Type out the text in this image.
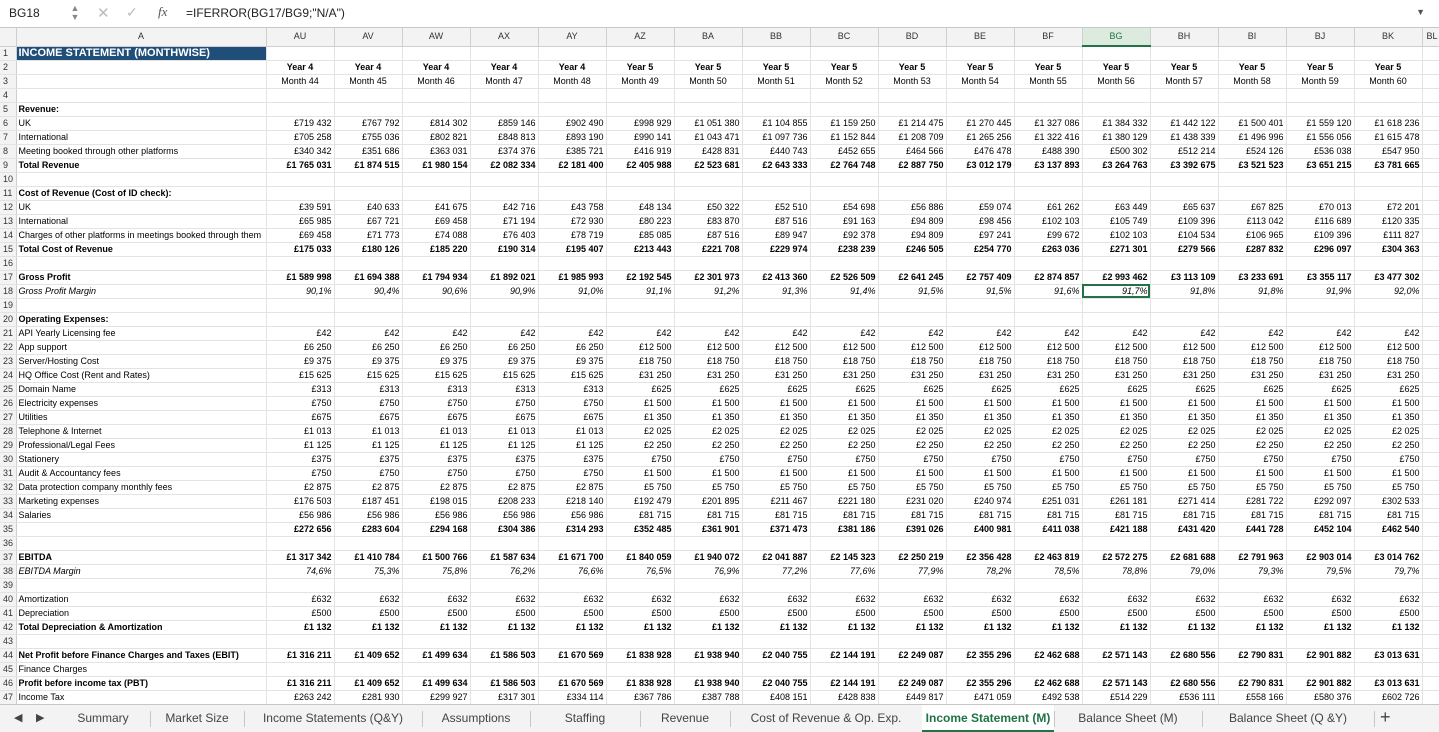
BG18	▲
▼ ✕ ✓ fx =IFERROR(BG17/BG9;"N/A")	▼
	A	AU	AV	AW	AX	AY	AZ	BA	BB	BC	BD	BE	BF	BG	BH	BI	BJ	BK	BL	
1	INCOME STATEMENT (MONTHWISE)																			
2		Year 4	Year 4	Year 4	Year 4	Year 4	Year 5	Year 5	Year 5	Year 5	Year 5	Year 5	Year 5	Year 5	Year 5	Year 5	Year 5	Year 5		
3		Month 44	Month 45	Month 46	Month 47	Month 48	Month 49	Month 50	Month 51	Month 52	Month 53	Month 54	Month 55	Month 56	Month 57	Month 58	Month 59	Month 60		
4																				
5	Revenue:																			
6	UK	£719 432	£767 792	£814 302	£859 146	£902 490	£998 929	£1 051 380	£1 104 855	£1 159 250	£1 214 475	£1 270 445	£1 327 086	£1 384 332	£1 442 122	£1 500 401	£1 559 120	£1 618 236		
7	International	£705 258	£755 036	£802 821	£848 813	£893 190	£990 141	£1 043 471	£1 097 736	£1 152 844	£1 208 709	£1 265 256	£1 322 416	£1 380 129	£1 438 339	£1 496 996	£1 556 056	£1 615 478		
8	Meeting booked through other platforms	£340 342	£351 686	£363 031	£374 376	£385 721	£416 919	£428 831	£440 743	£452 655	£464 566	£476 478	£488 390	£500 302	£512 214	£524 126	£536 038	£547 950		
9	Total Revenue	£1 765 031	£1 874 515	£1 980 154	£2 082 334	£2 181 400	£2 405 988	£2 523 681	£2 643 333	£2 764 748	£2 887 750	£3 012 179	£3 137 893	£3 264 763	£3 392 675	£3 521 523	£3 651 215	£3 781 665		
10																				
11	Cost of Revenue (Cost of ID check):																			
12	UK	£39 591	£40 633	£41 675	£42 716	£43 758	£48 134	£50 322	£52 510	£54 698	£56 886	£59 074	£61 262	£63 449	£65 637	£67 825	£70 013	£72 201		
13	International	£65 985	£67 721	£69 458	£71 194	£72 930	£80 223	£83 870	£87 516	£91 163	£94 809	£98 456	£102 103	£105 749	£109 396	£113 042	£116 689	£120 335		
14	Charges of other platforms in meetings booked through them	£69 458	£71 773	£74 088	£76 403	£78 719	£85 085	£87 516	£89 947	£92 378	£94 809	£97 241	£99 672	£102 103	£104 534	£106 965	£109 396	£111 827		
15	Total Cost of Revenue	£175 033	£180 126	£185 220	£190 314	£195 407	£213 443	£221 708	£229 974	£238 239	£246 505	£254 770	£263 036	£271 301	£279 566	£287 832	£296 097	£304 363		
16																				
17	Gross Profit	£1 589 998	£1 694 388	£1 794 934	£1 892 021	£1 985 993	£2 192 545	£2 301 973	£2 413 360	£2 526 509	£2 641 245	£2 757 409	£2 874 857	£2 993 462	£3 113 109	£3 233 691	£3 355 117	£3 477 302		
18	Gross Profit Margin	90,1%	90,4%	90,6%	90,9%	91,0%	91,1%	91,2%	91,3%	91,4%	91,5%	91,5%	91,6%	91,7%	91,8%	91,8%	91,9%	92,0%		
19																				
20	Operating Expenses:																			
21	API Yearly Licensing fee	£42	£42	£42	£42	£42	£42	£42	£42	£42	£42	£42	£42	£42	£42	£42	£42	£42		
22	App support	£6 250	£6 250	£6 250	£6 250	£6 250	£12 500	£12 500	£12 500	£12 500	£12 500	£12 500	£12 500	£12 500	£12 500	£12 500	£12 500	£12 500		
23	Server/Hosting Cost	£9 375	£9 375	£9 375	£9 375	£9 375	£18 750	£18 750	£18 750	£18 750	£18 750	£18 750	£18 750	£18 750	£18 750	£18 750	£18 750	£18 750		
24	HQ Office Cost (Rent and Rates)	£15 625	£15 625	£15 625	£15 625	£15 625	£31 250	£31 250	£31 250	£31 250	£31 250	£31 250	£31 250	£31 250	£31 250	£31 250	£31 250	£31 250		
25	Domain Name	£313	£313	£313	£313	£313	£625	£625	£625	£625	£625	£625	£625	£625	£625	£625	£625	£625		
26	Electricity expenses	£750	£750	£750	£750	£750	£1 500	£1 500	£1 500	£1 500	£1 500	£1 500	£1 500	£1 500	£1 500	£1 500	£1 500	£1 500		
27	Utilities	£675	£675	£675	£675	£675	£1 350	£1 350	£1 350	£1 350	£1 350	£1 350	£1 350	£1 350	£1 350	£1 350	£1 350	£1 350		
28	Telephone & Internet	£1 013	£1 013	£1 013	£1 013	£1 013	£2 025	£2 025	£2 025	£2 025	£2 025	£2 025	£2 025	£2 025	£2 025	£2 025	£2 025	£2 025		
29	Professional/Legal Fees	£1 125	£1 125	£1 125	£1 125	£1 125	£2 250	£2 250	£2 250	£2 250	£2 250	£2 250	£2 250	£2 250	£2 250	£2 250	£2 250	£2 250		
30	Stationery	£375	£375	£375	£375	£375	£750	£750	£750	£750	£750	£750	£750	£750	£750	£750	£750	£750		
31	Audit & Accountancy fees	£750	£750	£750	£750	£750	£1 500	£1 500	£1 500	£1 500	£1 500	£1 500	£1 500	£1 500	£1 500	£1 500	£1 500	£1 500		
32	Data protection company monthly fees	£2 875	£2 875	£2 875	£2 875	£2 875	£5 750	£5 750	£5 750	£5 750	£5 750	£5 750	£5 750	£5 750	£5 750	£5 750	£5 750	£5 750		
33	Marketing expenses	£176 503	£187 451	£198 015	£208 233	£218 140	£192 479	£201 895	£211 467	£221 180	£231 020	£240 974	£251 031	£261 181	£271 414	£281 722	£292 097	£302 533		
34	Salaries	£56 986	£56 986	£56 986	£56 986	£56 986	£81 715	£81 715	£81 715	£81 715	£81 715	£81 715	£81 715	£81 715	£81 715	£81 715	£81 715	£81 715		
35		£272 656	£283 604	£294 168	£304 386	£314 293	£352 485	£361 901	£371 473	£381 186	£391 026	£400 981	£411 038	£421 188	£431 420	£441 728	£452 104	£462 540		
36																				
37	EBITDA	£1 317 342	£1 410 784	£1 500 766	£1 587 634	£1 671 700	£1 840 059	£1 940 072	£2 041 887	£2 145 323	£2 250 219	£2 356 428	£2 463 819	£2 572 275	£2 681 688	£2 791 963	£2 903 014	£3 014 762		
38	EBITDA Margin	74,6%	75,3%	75,8%	76,2%	76,6%	76,5%	76,9%	77,2%	77,6%	77,9%	78,2%	78,5%	78,8%	79,0%	79,3%	79,5%	79,7%		
39																				
40	Amortization	£632	£632	£632	£632	£632	£632	£632	£632	£632	£632	£632	£632	£632	£632	£632	£632	£632		
41	Depreciation	£500	£500	£500	£500	£500	£500	£500	£500	£500	£500	£500	£500	£500	£500	£500	£500	£500		
42	Total Depreciation & Amortization	£1 132	£1 132	£1 132	£1 132	£1 132	£1 132	£1 132	£1 132	£1 132	£1 132	£1 132	£1 132	£1 132	£1 132	£1 132	£1 132	£1 132		
43																				
44	Net Profit before Finance Charges and Taxes (EBIT)	£1 316 211	£1 409 652	£1 499 634	£1 586 503	£1 670 569	£1 838 928	£1 938 940	£2 040 755	£2 144 191	£2 249 087	£2 355 296	£2 462 688	£2 571 143	£2 680 556	£2 790 831	£2 901 882	£3 013 631		
45	Finance Charges																			
46	Profit before income tax (PBT)	£1 316 211	£1 409 652	£1 499 634	£1 586 503	£1 670 569	£1 838 928	£1 938 940	£2 040 755	£2 144 191	£2 249 087	£2 355 296	£2 462 688	£2 571 143	£2 680 556	£2 790 831	£2 901 882	£3 013 631		
47	Income Tax	£263 242	£281 930	£299 927	£317 301	£334 114	£367 786	£387 788	£408 151	£428 838	£449 817	£471 059	£492 538	£514 229	£536 111	£558 166	£580 376	£602 726		
◀ ▶	Summary	Market Size	Income Statements (Q&Y)	Assumptions	Staffing	Revenue	Cost of Revenue & Op. Exp.	Income Statement (M)	Balance Sheet (M)	Balance Sheet (Q &Y)	+
